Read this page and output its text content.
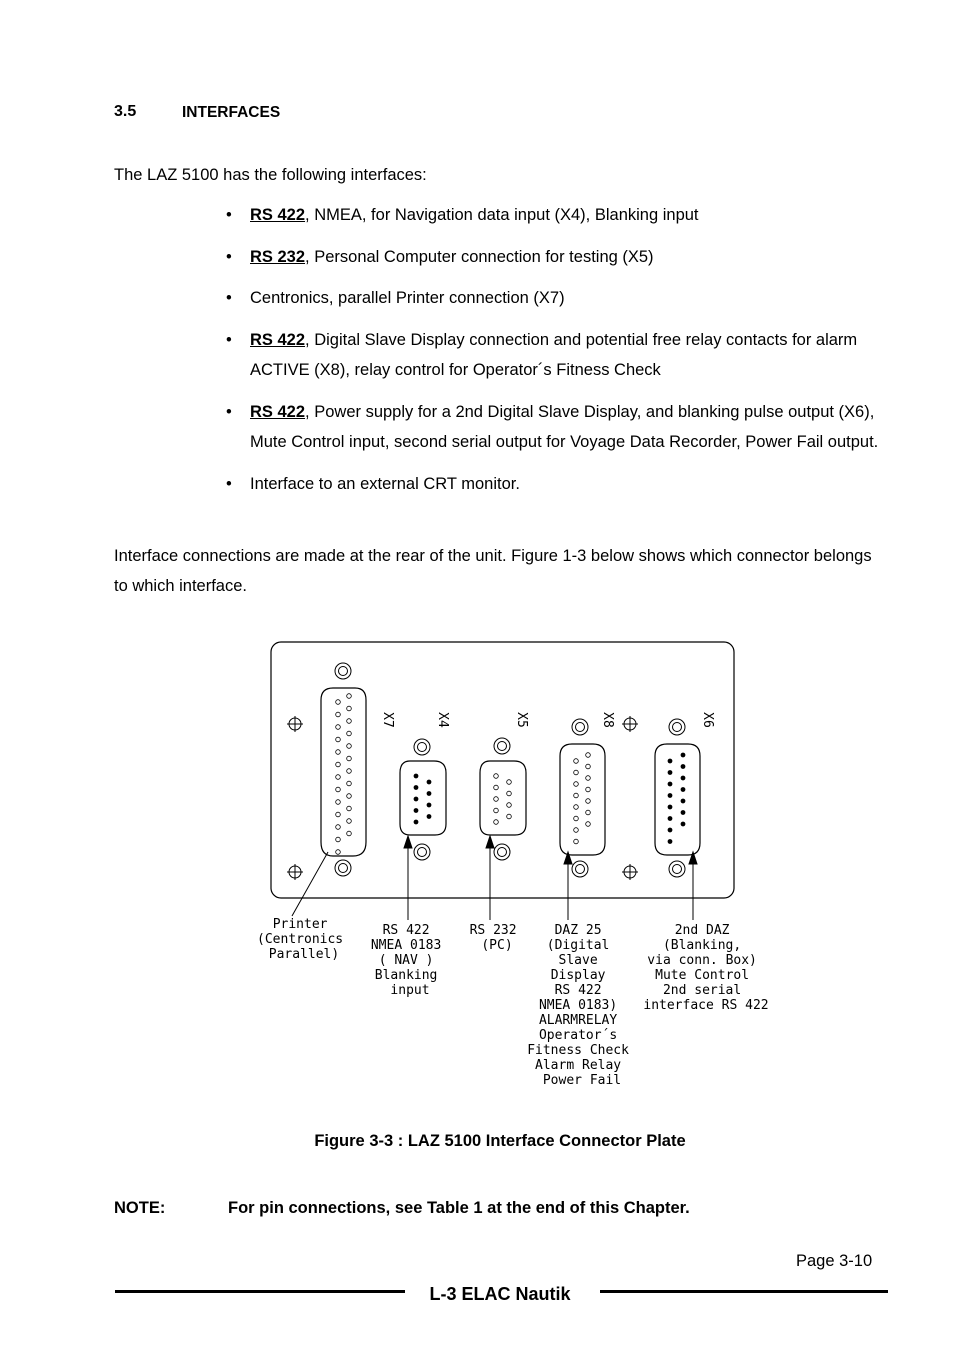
3.5	INTERFACES
The LAZ 5100 has the following interfaces:
• RS 422, NMEA, for Navigation data input (X4), Blanking input
• RS 232, Personal Computer connection for testing (X5)
• Centronics, parallel Printer connection (X7)
• RS 422, Digital Slave Display connection and potential free relay contacts for alarm ACTIVE (X8), relay control for Operator´s Fitness Check
• RS 422, Power supply for a 2nd Digital Slave Display, and blanking pulse output (X6), Mute Control input, second serial output for Voyage Data Recorder, Power Fail output.
• Interface to an external CRT monitor.
Interface connections are made at the rear of the unit. Figure 1-3 below shows which connector belongs to which interface.
X7	X4	X5	X8	X6
Printer (Centronics Parallel)
RS 422 NMEA 0183 ( NAV ) Blanking input
RS 232 (PC)
DAZ 25 (Digital Slave Display RS 422 NMEA 0183) ALARMRELAY Operator´s Fitness Check Alarm Relay Power Fail
2nd DAZ (Blanking, via conn. Box) Mute Control 2nd serial interface RS 422
Figure 3-3 : LAZ 5100 Interface Connector Plate
NOTE:	For pin connections, see Table 1 at the end of this Chapter.
Page 3-10
L-3 ELAC Nautik
